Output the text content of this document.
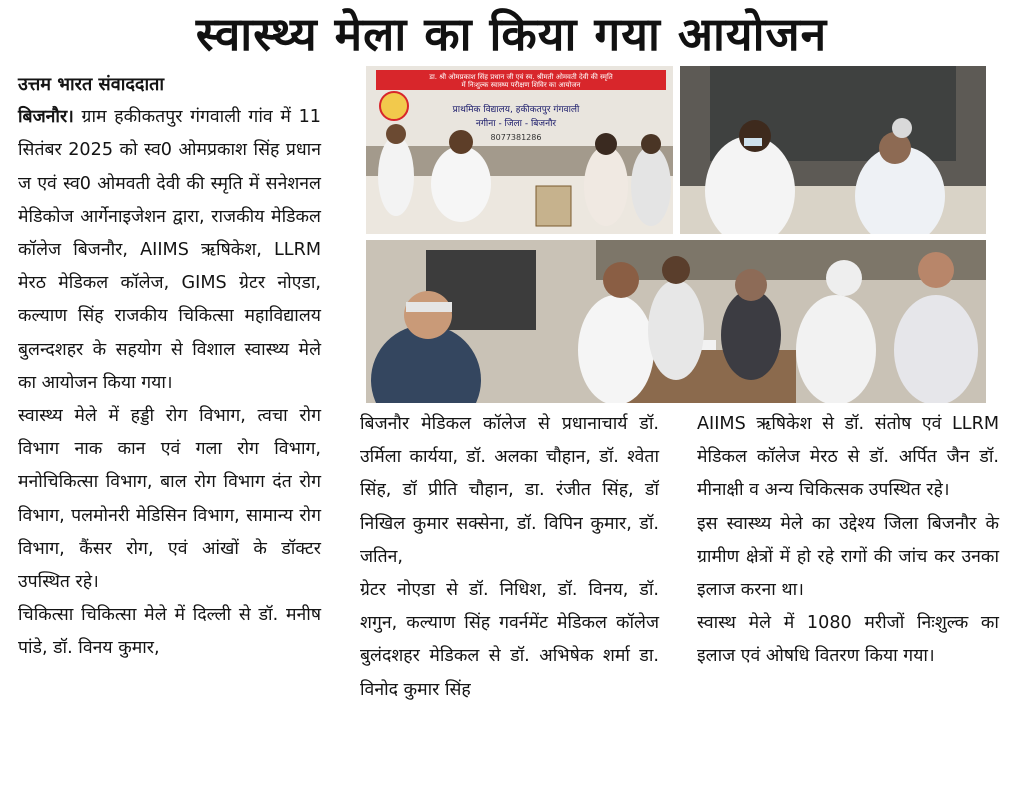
स्वास्थ्य मेला का किया गया आयोजन

उत्तम भारत संवाददाता

बिजनौर। ग्राम हकीकतपुर गंगवाली गांव में 11 सितंबर 2025 को स्व0 ओमप्रकाश सिंह प्रधान ज एवं स्व0 ओमवती देवी की स्मृति में सनेशनल मेडिकोज आर्गेनाइजेशन द्वारा, राजकीय मेडिकल कॉलेज बिजनौर, AIIMS ऋषिकेश, LLRM मेरठ मेडिकल कॉलेज, GIMS ग्रेटर नोएडा, कल्याण सिंह राजकीय चिकित्सा महाविद्यालय बुलन्दशहर के सहयोग से विशाल स्वास्थ्य मेले का आयोजन किया गया।

स्वास्थ्य मेले में हड्डी रोग विभाग, त्वचा रोग विभाग नाक कान एवं गला रोग विभाग, मनोचिकित्सा विभाग, बाल रोग विभाग दंत रोग विभाग, पलमोनरी मेडिसिन विभाग, सामान्य रोग विभाग, कैंसर रोग, एवं आंखों के डॉक्टर उपस्थित रहे।

चिकित्सा चिकित्सा मेले में दिल्ली से डॉ. मनीष पांडे, डॉ. विनय कुमार,

डा. श्री ओमप्रकाश सिंह प्रधान जी एवं स्व. श्रीमती ओमवती देवी की स्मृति
में निःशुल्क स्वास्थ्य परीक्षण शिविर का आयोजन
प्राथमिक विद्यालय, हकीकतपुर गंगवाली
नगीना - जिला - बिजनौर
8077381286

बिजनौर मेडिकल कॉलेज से प्रधानाचार्य डॉ. उर्मिला कार्यया, डॉ. अलका चौहान, डॉ. श्वेता सिंह, डॉ प्रीति चौहान, डा. रंजीत सिंह, डॉ निखिल कुमार सक्सेना, डॉ. विपिन कुमार, डॉ. जतिन,

ग्रेटर नोएडा से डॉ. निधिश, डॉ. विनय, डॉ. शगुन, कल्याण सिंह गवर्नमेंट मेडिकल कॉलेज बुलंदशहर मेडिकल से डॉ. अभिषेक शर्मा डा. विनोद कुमार सिंह

AIIMS ऋषिकेश से डॉ. संतोष एवं LLRM मेडिकल कॉलेज मेरठ से डॉ. अर्पित जैन डॉ. मीनाक्षी व अन्य चिकित्सक उपस्थित रहे।

इस स्वास्थ्य मेले का उद्देश्य जिला बिजनौर के ग्रामीण क्षेत्रों में हो रहे रागों की जांच कर उनका इलाज करना था।

स्वास्थ मेले में 1080 मरीजों निःशुल्क का इलाज एवं ओषधि वितरण किया गया।
